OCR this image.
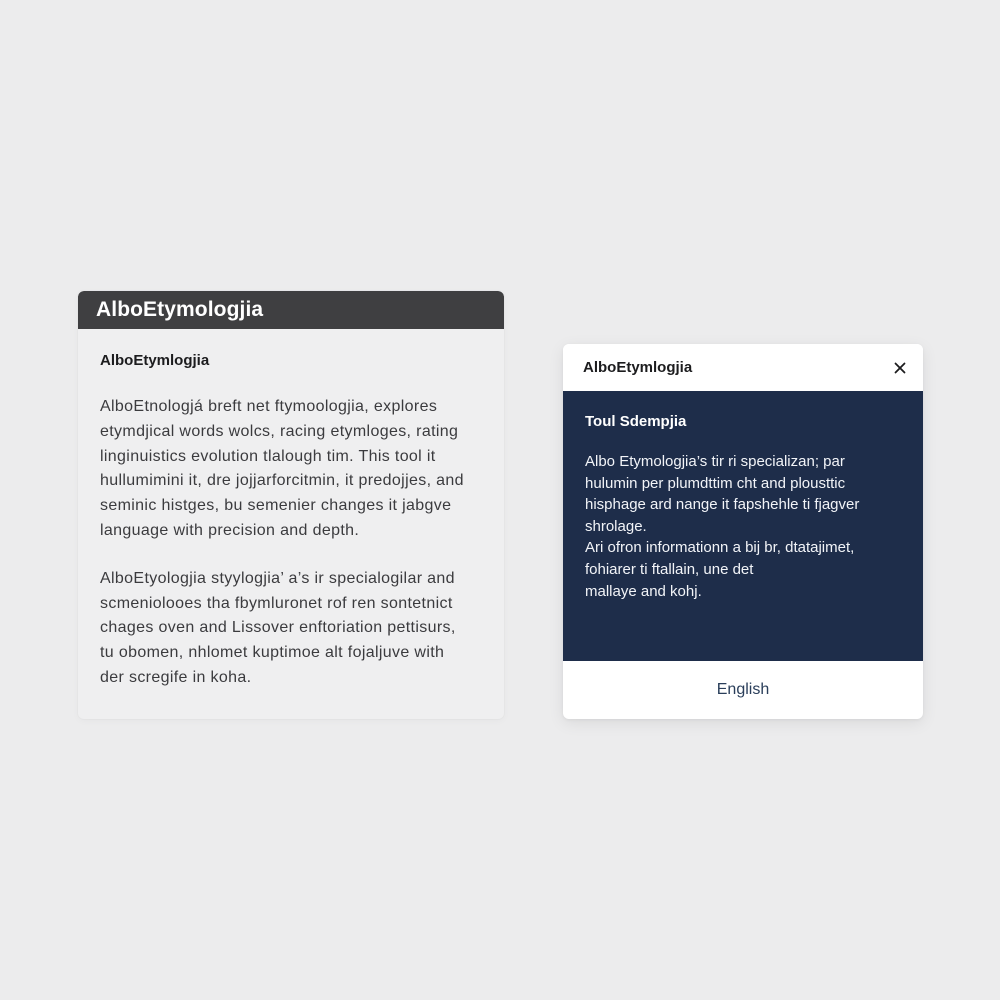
AlboEtymologjia
AlboEtymlogjia

AlboEtnologjá breft net ftymoologjia, explores
etymdjical words wolcs, racing etymloges, rating
linginuistics evolution tlalough tim. This tool it
hullumimini it, dre jojjarforcitmin, it predojjes, and
seminic histges, bu semenier changes it jabgve
language with precision and depth.

AlboEtyologjia styylogjia’ a’s ir specialogilar and
scmeniolooes tha fbymluronet rof ren sontetnict
chages oven and Lissover enftoriation pettisurs,
tu obomen, nhlomet kuptimoe alt fojaljuve with
der scregife in koha.

AlboEtymlogjia
Toul Sdempjia

Albo Etymologjia’s tir ri specializan; par
hulumin per plumdttim cht and plousttic
hisphage ard nange it fapshehle ti fjagver
shrolage.

Ari ofron informationn a bij br, dtatajimet,
fohiarer ti ftallain, une det
mallaye and kohj.

English
